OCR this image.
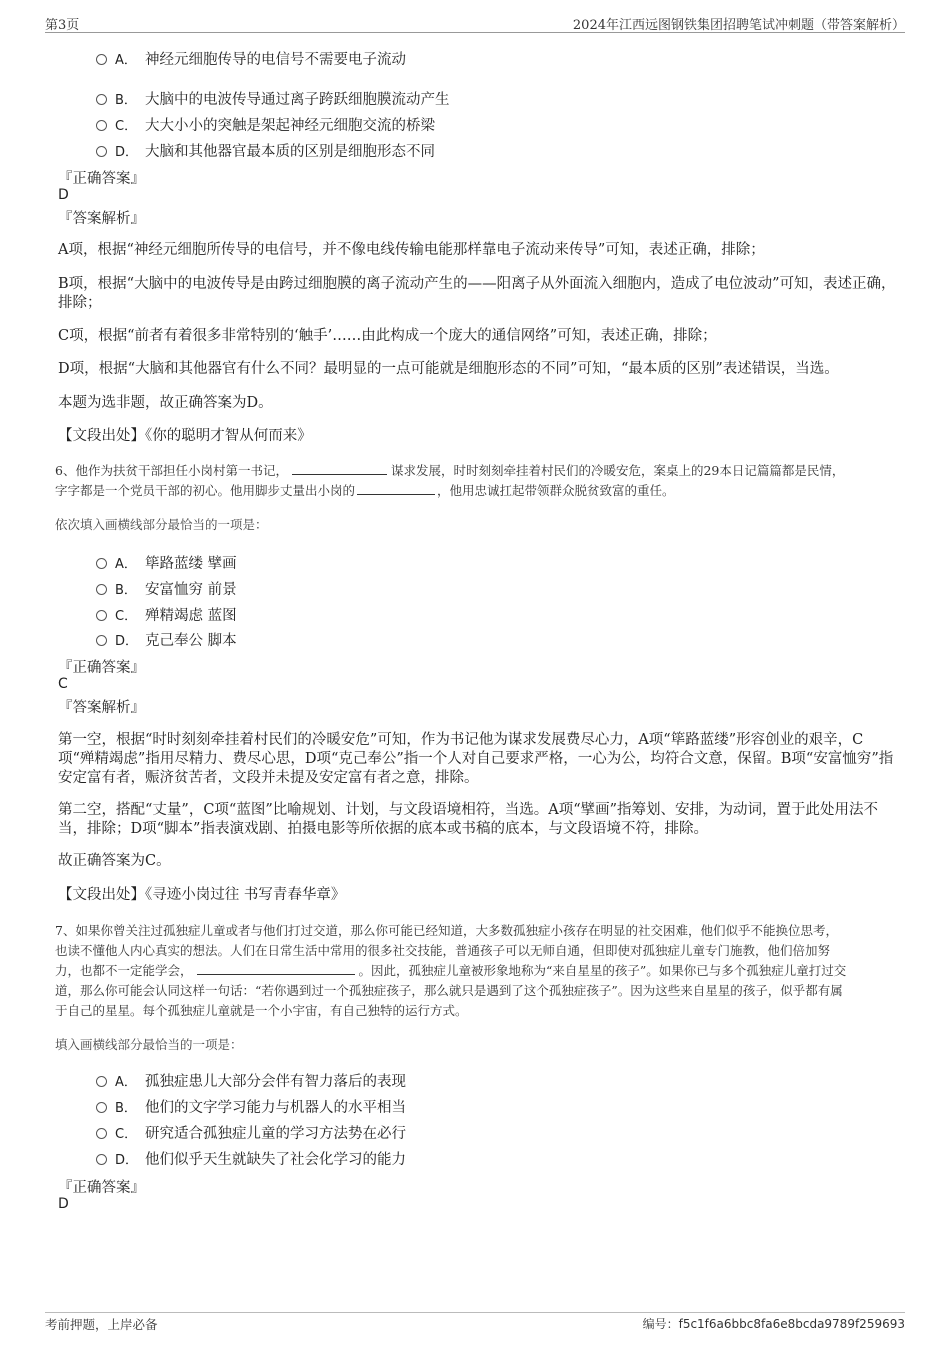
第3页	2024年江西远图钢铁集团招聘笔试冲刺题（带答案解析）
A． 神经元细胞传导的电信号不需要电子流动
B． 大脑中的电波传导通过离子跨跃细胞膜流动产生
C． 大大小小的突触是架起神经元细胞交流的桥梁
D． 大脑和其他器官最本质的区别是细胞形态不同
『正确答案』
D
『答案解析』
A项，根据“神经元细胞所传导的电信号，并不像电线传输电能那样靠电子流动来传导”可知，表述正确，排除；
B项，根据“大脑中的电波传导是由跨过细胞膜的离子流动产生的——阳离子从外面流入细胞内，造成了电位波动”可知，表述正确，排除；
C项，根据“前者有着很多非常特别的‘触手’……由此构成一个庞大的通信网络”可知，表述正确，排除；
D项，根据“大脑和其他器官有什么不同？最明显的一点可能就是细胞形态的不同”可知，“最本质的区别”表述错误，当选。
本题为选非题，故正确答案为D。
【文段出处】《你的聪明才智从何而来》
6、他作为扶贫干部担任小岗村第一书记，	谋求发展，时时刻刻牵挂着村民们的冷暖安危，案桌上的29本日记篇篇都是民情，
字字都是一个党员干部的初心。他用脚步丈量出小岗的	，他用忠诚扛起带领群众脱贫致富的重任。
依次填入画横线部分最恰当的一项是：
A． 筚路蓝缕 擘画
B． 安富恤穷 前景
C． 殚精竭虑 蓝图
D． 克己奉公 脚本
『正确答案』
C
『答案解析』
第一空，根据“时时刻刻牵挂着村民们的冷暖安危”可知，作为书记他为谋求发展费尽心力，A项“筚路蓝缕”形容创业的艰辛，C项“殚精竭虑”指用尽精力、费尽心思，D项“克己奉公”指一个人对自己要求严格，一心为公，均符合文意，保留。B项“安富恤穷”指安定富有者，赈济贫苦者，文段并未提及安定富有者之意，排除。
第二空，搭配“丈量”，C项“蓝图”比喻规划、计划，与文段语境相符，当选。A项“擘画”指筹划、安排，为动词，置于此处用法不当，排除；D项“脚本”指表演戏剧、拍摄电影等所依据的底本或书稿的底本，与文段语境不符，排除。
故正确答案为C。
【文段出处】《寻迹小岗过往 书写青春华章》
7、如果你曾关注过孤独症儿童或者与他们打过交道，那么你可能已经知道，大多数孤独症小孩存在明显的社交困难，他们似乎不能换位思考，
也读不懂他人内心真实的想法。人们在日常生活中常用的很多社交技能，普通孩子可以无师自通，但即使对孤独症儿童专门施教，他们倍加努
力，也都不一定能学会，	。因此，孤独症儿童被形象地称为“来自星星的孩子”。如果你已与多个孤独症儿童打过交
道，那么你可能会认同这样一句话：“若你遇到过一个孤独症孩子，那么就只是遇到了这个孤独症孩子”。因为这些来自星星的孩子，似乎都有属
于自己的星星。每个孤独症儿童就是一个小宇宙，有自己独特的运行方式。
填入画横线部分最恰当的一项是：
A． 孤独症患儿大部分会伴有智力落后的表现
B． 他们的文字学习能力与机器人的水平相当
C． 研究适合孤独症儿童的学习方法势在必行
D． 他们似乎天生就缺失了社会化学习的能力
『正确答案』
D
考前押题，上岸必备	编号：f5c1f6a6bbc8fa6e8bcda9789f259693
